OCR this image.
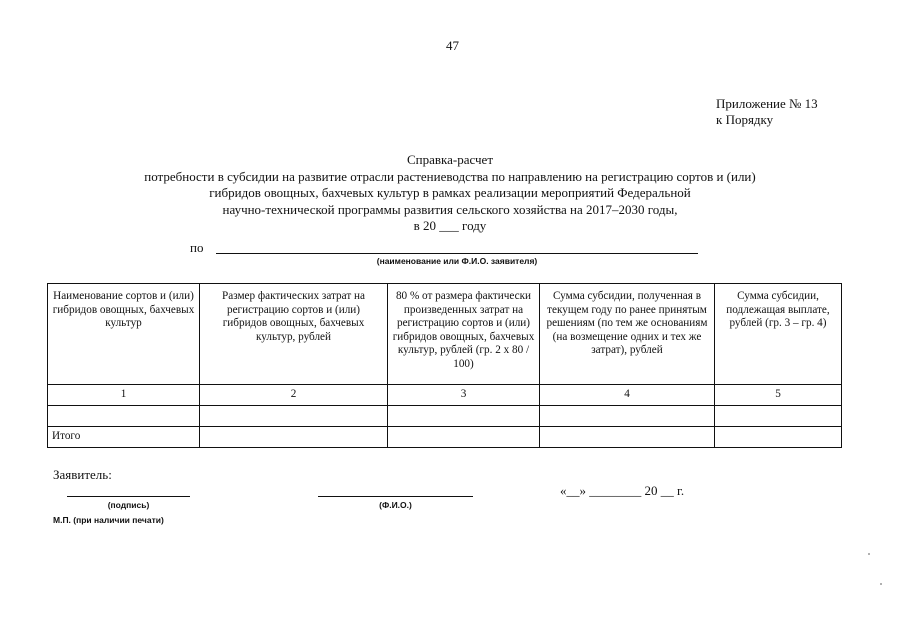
47
Приложение № 13
к Порядку
Справка-расчет
потребности в субсидии на развитие отрасли растениеводства по направлению на регистрацию сортов и (или)
гибридов овощных, бахчевых культур в рамках реализации мероприятий Федеральной
научно-технической программы развития сельского хозяйства на 2017–2030 годы,
в 20 ___ году
по
(наименование или Ф.И.О. заявителя)
Наименование сортов и (или) гибридов овощных, бахчевых культур	Размер фактических затрат на регистрацию сортов и (или) гибридов овощных, бахчевых культур, рублей	80 % от размера фактически произведенных затрат на регистрацию сортов и (или) гибридов овощных, бахчевых культур, рублей (гр. 2 x 80 / 100)	Сумма субсидии, полученная в текущем году по ранее принятым решениям (по тем же основаниям (на возмещение одних и тех же затрат), рублей	Сумма субсидии, подлежащая выплате, рублей (гр. 3 – гр. 4)
1	2	3	4	5

Итого				
Заявитель:
(подпись)
М.П. (при наличии печати)
(Ф.И.О.)
«__» ________ 20 __ г.
